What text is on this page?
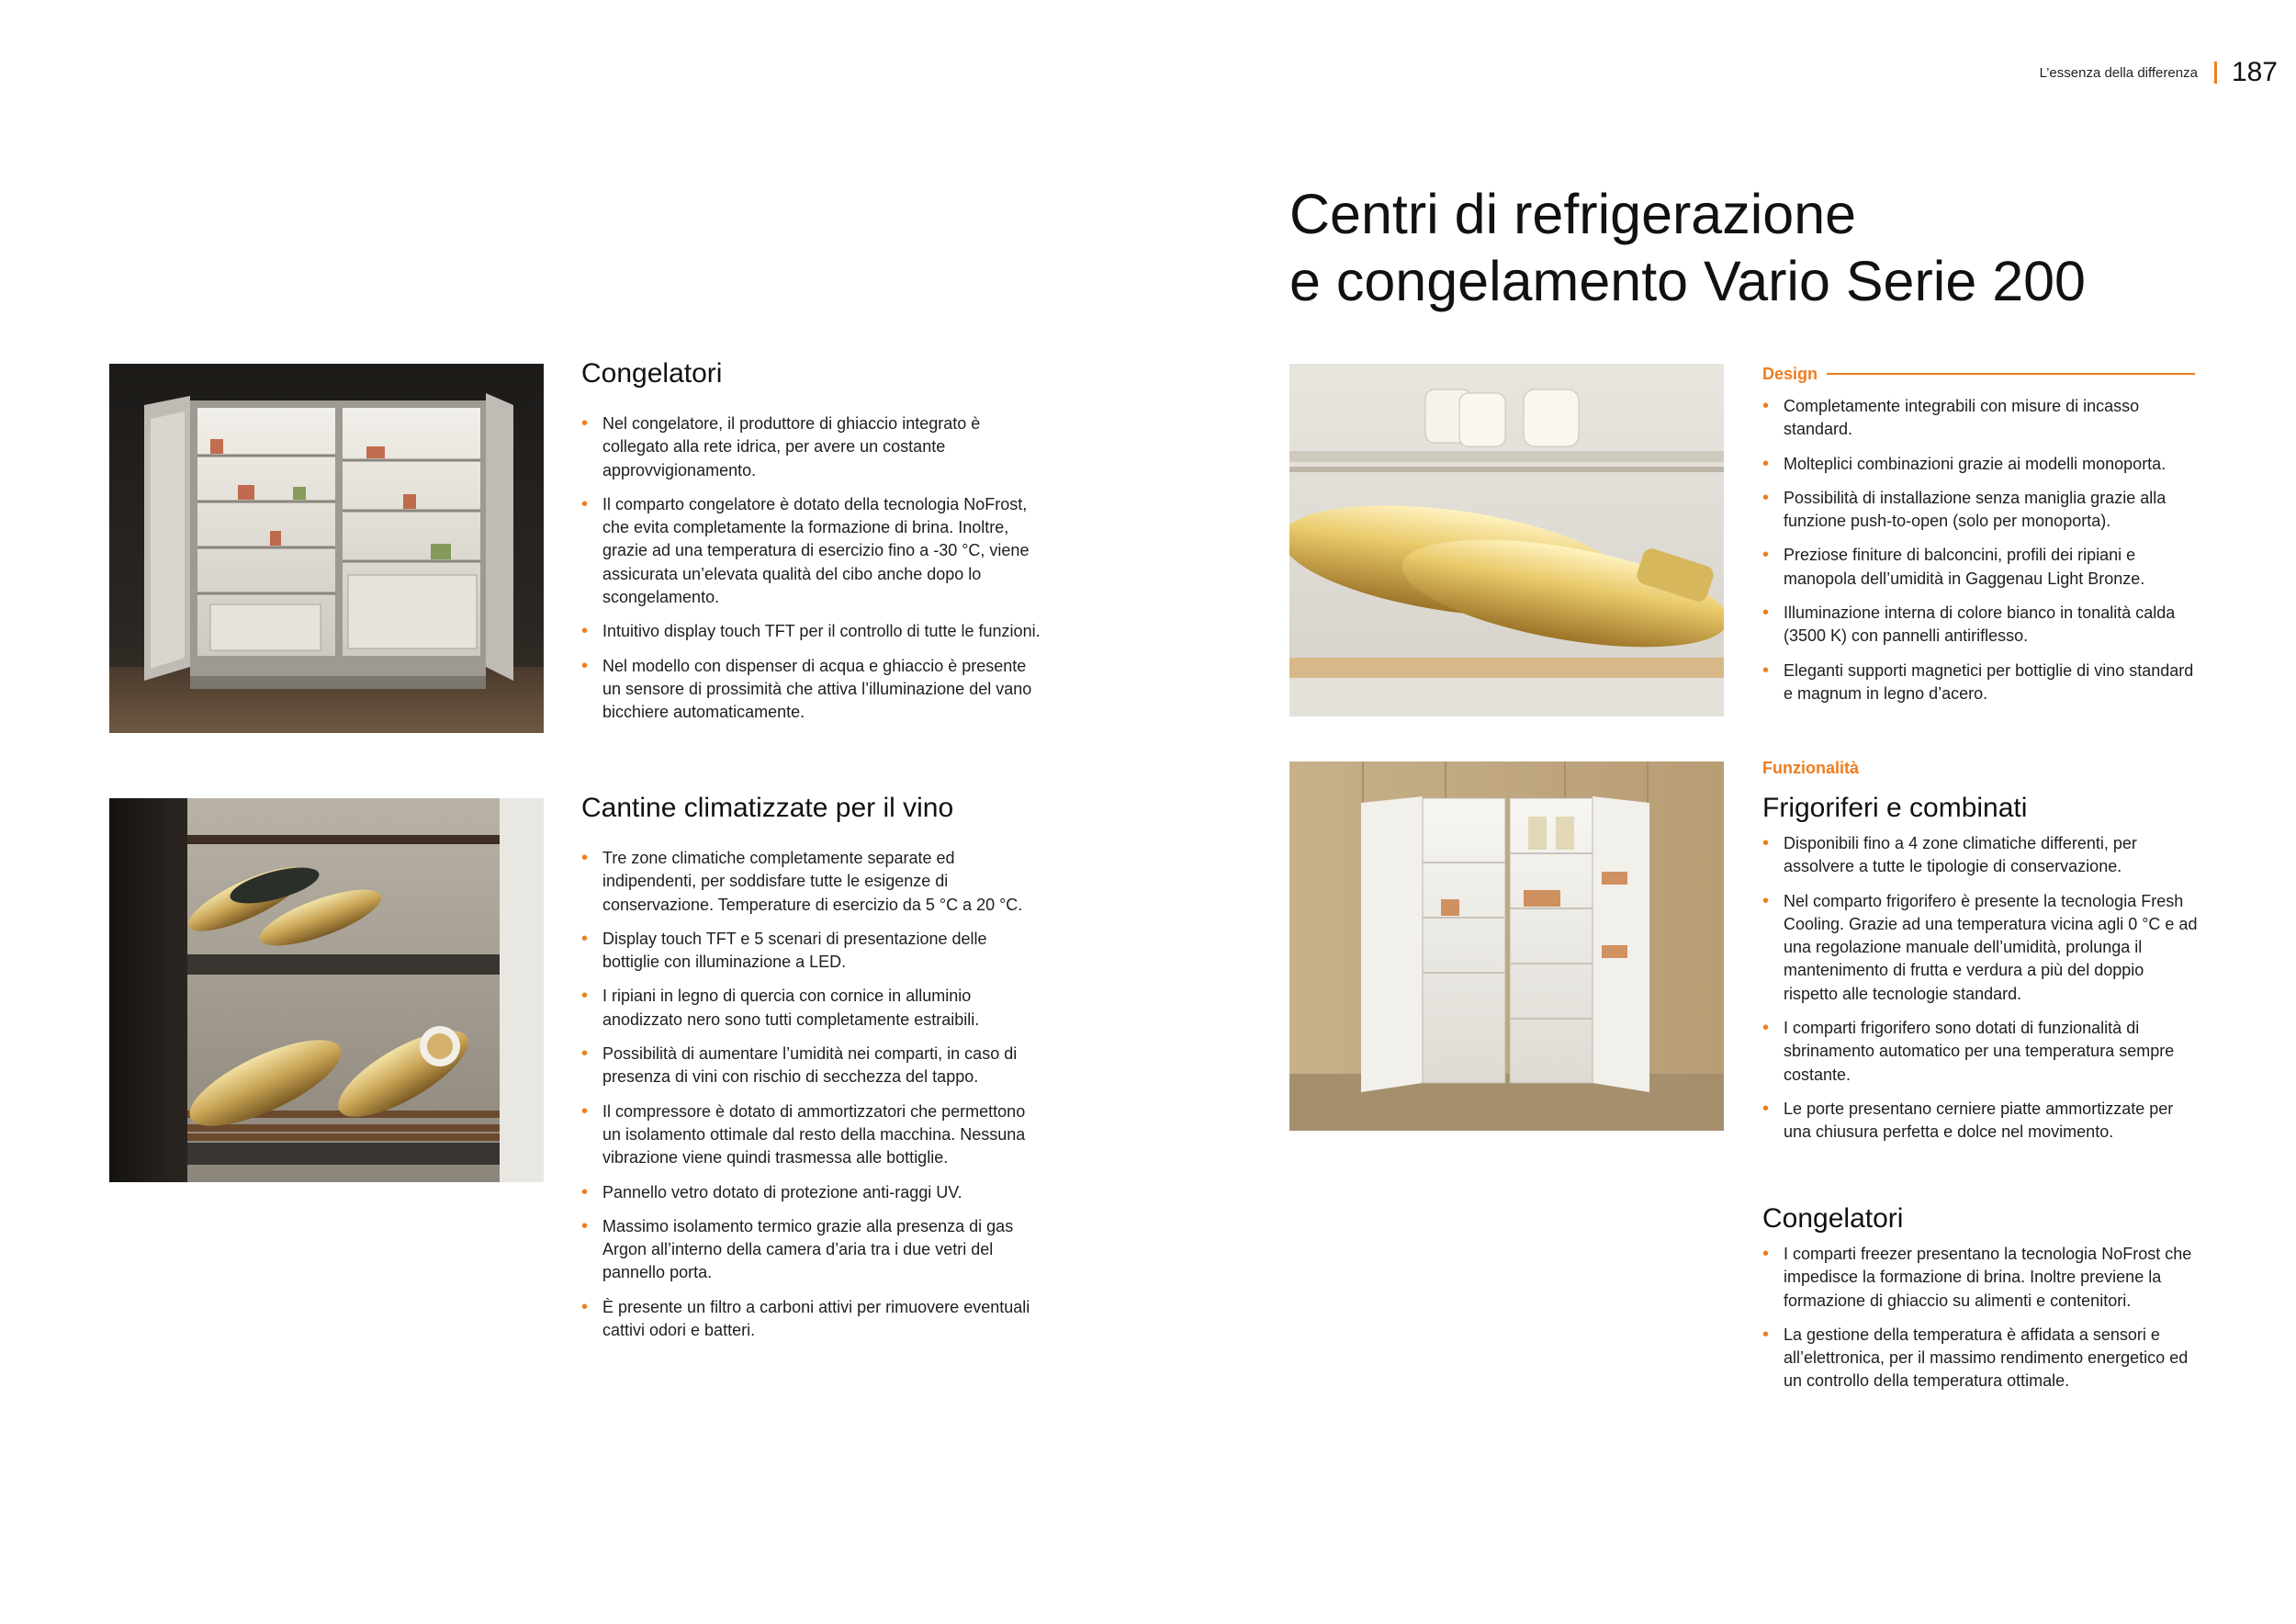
L’essenza della differenza 187
Centri di refrigerazione
e congelamento Vario Serie 200
Congelatori
• Nel congelatore, il produttore di ghiaccio integrato è collegato alla rete idrica, per avere un costante approvvigionamento.
• Il comparto congelatore è dotato della tecnologia NoFrost, che evita completamente la formazione di brina. Inoltre, grazie ad una temperatura di esercizio fino a -30 °C, viene assicurata un’elevata qualità del cibo anche dopo lo scongelamento.
• Intuitivo display touch TFT per il controllo di tutte le funzioni.
• Nel modello con dispenser di acqua e ghiaccio è presente un sensore di prossimità che attiva l’illuminazione del vano bicchiere automaticamente.
Cantine climatizzate per il vino
• Tre zone climatiche completamente separate ed indipendenti, per soddisfare tutte le esigenze di conservazione. Temperature di esercizio da 5 °C a 20 °C.
• Display touch TFT e 5 scenari di presentazione delle bottiglie con illuminazione a LED.
• I ripiani in legno di quercia con cornice in alluminio anodizzato nero sono tutti completamente estraibili.
• Possibilità di aumentare l’umidità nei comparti, in caso di presenza di vini con rischio di secchezza del tappo.
• Il compressore è dotato di ammortizzatori che permettono un isolamento ottimale dal resto della macchina. Nessuna vibrazione viene quindi trasmessa alle bottiglie.
• Pannello vetro dotato di protezione anti-raggi UV.
• Massimo isolamento termico grazie alla presenza di gas Argon all’interno della camera d’aria tra i due vetri del pannello porta.
• È presente un filtro a carboni attivi per rimuovere eventuali cattivi odori e batteri.
Design
• Completamente integrabili con misure di incasso standard.
• Molteplici combinazioni grazie ai modelli monoporta.
• Possibilità di installazione senza maniglia grazie alla funzione push-to-open (solo per monoporta).
• Preziose finiture di balconcini, profili dei ripiani e manopola dell’umidità in Gaggenau Light Bronze.
• Illuminazione interna di colore bianco in tonalità calda (3500 K) con pannelli antiriflesso.
• Eleganti supporti magnetici per bottiglie di vino standard e magnum in legno d’acero.
Funzionalità
Frigoriferi e combinati
• Disponibili fino a 4 zone climatiche differenti, per assolvere a tutte le tipologie di conservazione.
• Nel comparto frigorifero è presente la tecnologia Fresh Cooling. Grazie ad una temperatura vicina agli 0 °C e ad una regolazione manuale dell’umidità, prolunga il mantenimento di frutta e verdura a più del doppio rispetto alle tecnologie standard.
• I comparti frigorifero sono dotati di funzionalità di sbrinamento automatico per una temperatura sempre costante.
• Le porte presentano cerniere piatte ammortizzate per una chiusura perfetta e dolce nel movimento.
Congelatori
• I comparti freezer presentano la tecnologia NoFrost che impedisce la formazione di brina. Inoltre previene la formazione di ghiaccio su alimenti e contenitori.
• La gestione della temperatura è affidata a sensori e all’elettronica, per il massimo rendimento energetico ed un controllo della temperatura ottimale.
